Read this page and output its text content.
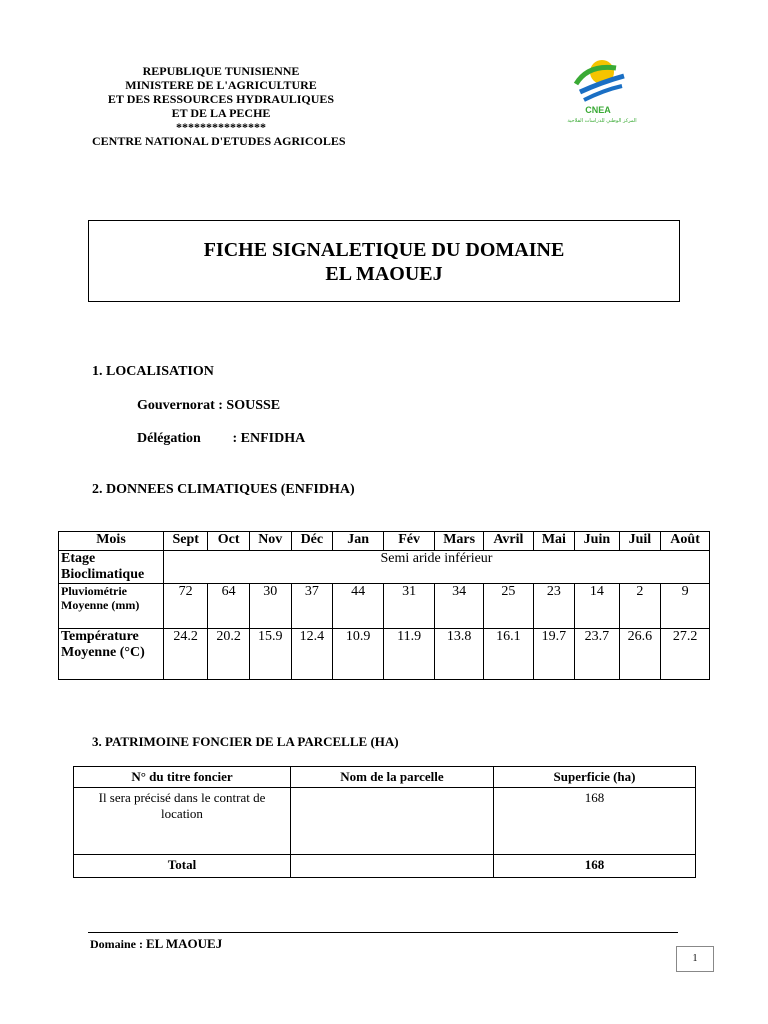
REPUBLIQUE TUNISIENNE
MINISTERE DE L'AGRICULTURE
ET DES RESSOURCES HYDRAULIQUES
ET DE LA PECHE
***************
CENTRE NATIONAL D'ETUDES AGRICOLES
CNEA
المركز الوطني للدراسات الفلاحية
FICHE SIGNALETIQUE DU DOMAINE
EL MAOUEJ
1. LOCALISATION
Gouvernorat : SOUSSE
Délégation : ENFIDHA
2. DONNEES CLIMATIQUES (ENFIDHA)
Mois	Sept	Oct	Nov	Déc	Jan	Fév	Mars	Avril	Mai	Juin	Juil	Août
Etage Bioclimatique	Semi aride inférieur											
Pluviométrie Moyenne (mm)	72	64	30	37	44	31	34	25	23	14	2	9
Température Moyenne (°C)	24.2	20.2	15.9	12.4	10.9	11.9	13.8	16.1	19.7	23.7	26.6	27.2
3. PATRIMOINE FONCIER DE LA PARCELLE (HA)
N° du titre foncier	Nom de la parcelle	Superficie (ha)
Il sera précisé dans le contrat de location		168
Total		168
Domaine : EL MAOUEJ
1
